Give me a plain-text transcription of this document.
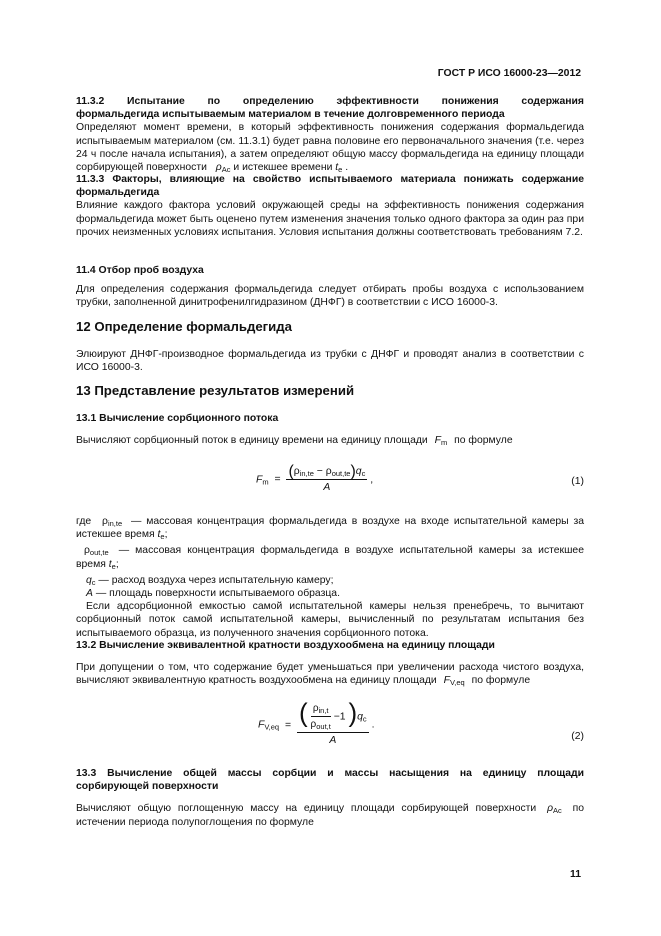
ГОСТ Р ИСО 16000-23—2012

11.3.2 Испытание по определению эффективности понижения содержания

формальдегида испытываемым материалом в течение долговременного периода

Определяют момент времени, в который эффективность понижения содержания формальдегида испытываемым материалом (см. 11.3.1) будет равна половине его первоначального значения (т.е. через 24 ч после начала испытания), а затем определяют общую массу формальдегида на единицу площади сорбирующей поверхности $\rho_{Ac}$ и истекшее времени $t_e$ .

11.3.3 Факторы, влияющие на свойство испытываемого материала понижать содержание формальдегида

Влияние каждого фактора условий окружающей среды на эффективность понижения содержания формальдегида может быть оценено путем изменения значения только одного фактора за один раз при прочих неизменных условиях испытания. Условия испытания должны соответствовать требованиям 7.2.

11.4 Отбор проб воздуха

Для определения содержания формальдегида следует отбирать пробы воздуха с использованием трубки, заполненной динитрофенилгидразином (ДНФГ) в соответствии с ИСО 16000-3.

12 Определение формальдегида

Элюируют ДНФГ-производное формальдегида из трубки с ДНФГ и проводят анализ в соответствии с ИСО 16000-3.

13 Представление результатов измерений
13.1 Вычисление сорбционного потока

Вычисляют сорбционный поток в единицу времени на единицу площади $F_m$ по формуле

$F_m = \frac{(\rho_{in,te} - \rho_{out,te})q_c}{A}$ ,	(1)

где $\rho_{in,te}$ — массовая концентрация формальдегида в воздухе на входе испытательной камеры за истекшее время $t_e$;

$\rho_{out,te}$ — массовая концентрация формальдегида в воздухе испытательной камеры за истекшее время $t_e$;

$q_c$ — расход воздуха через испытательную камеру;

A — площадь поверхности испытываемого образца.

Если адсорбционной емкостью самой испытательной камеры нельзя пренебречь, то вычитают сорбционный поток самой испытательной камеры, вычисленный по результатам испытания без испытываемого образца, из полученного значения сорбционного потока.

13.2 Вычисление эквивалентной кратности воздухообмена на единицу площади

При допущении о том, что содержание будет уменьшаться при увеличении расхода чистого воздуха, вычисляют эквивалентную кратность воздухообмена на единицу площади $F_{V,eq}$ по формуле

$F_{V,eq}$ = ( $\frac{\rho_{in,t}}{\rho_{out,t}} -1$ )$q_c$
A
.
(2)

13.3 Вычисление общей массы сорбции и массы насыщения на единицу площади

сорбирующей поверхности

Вычисляют общую поглощенную массу на единицу площади сорбирующей поверхности $\rho_{Ac}$ по истечении периода полупоглощения по формуле

11
